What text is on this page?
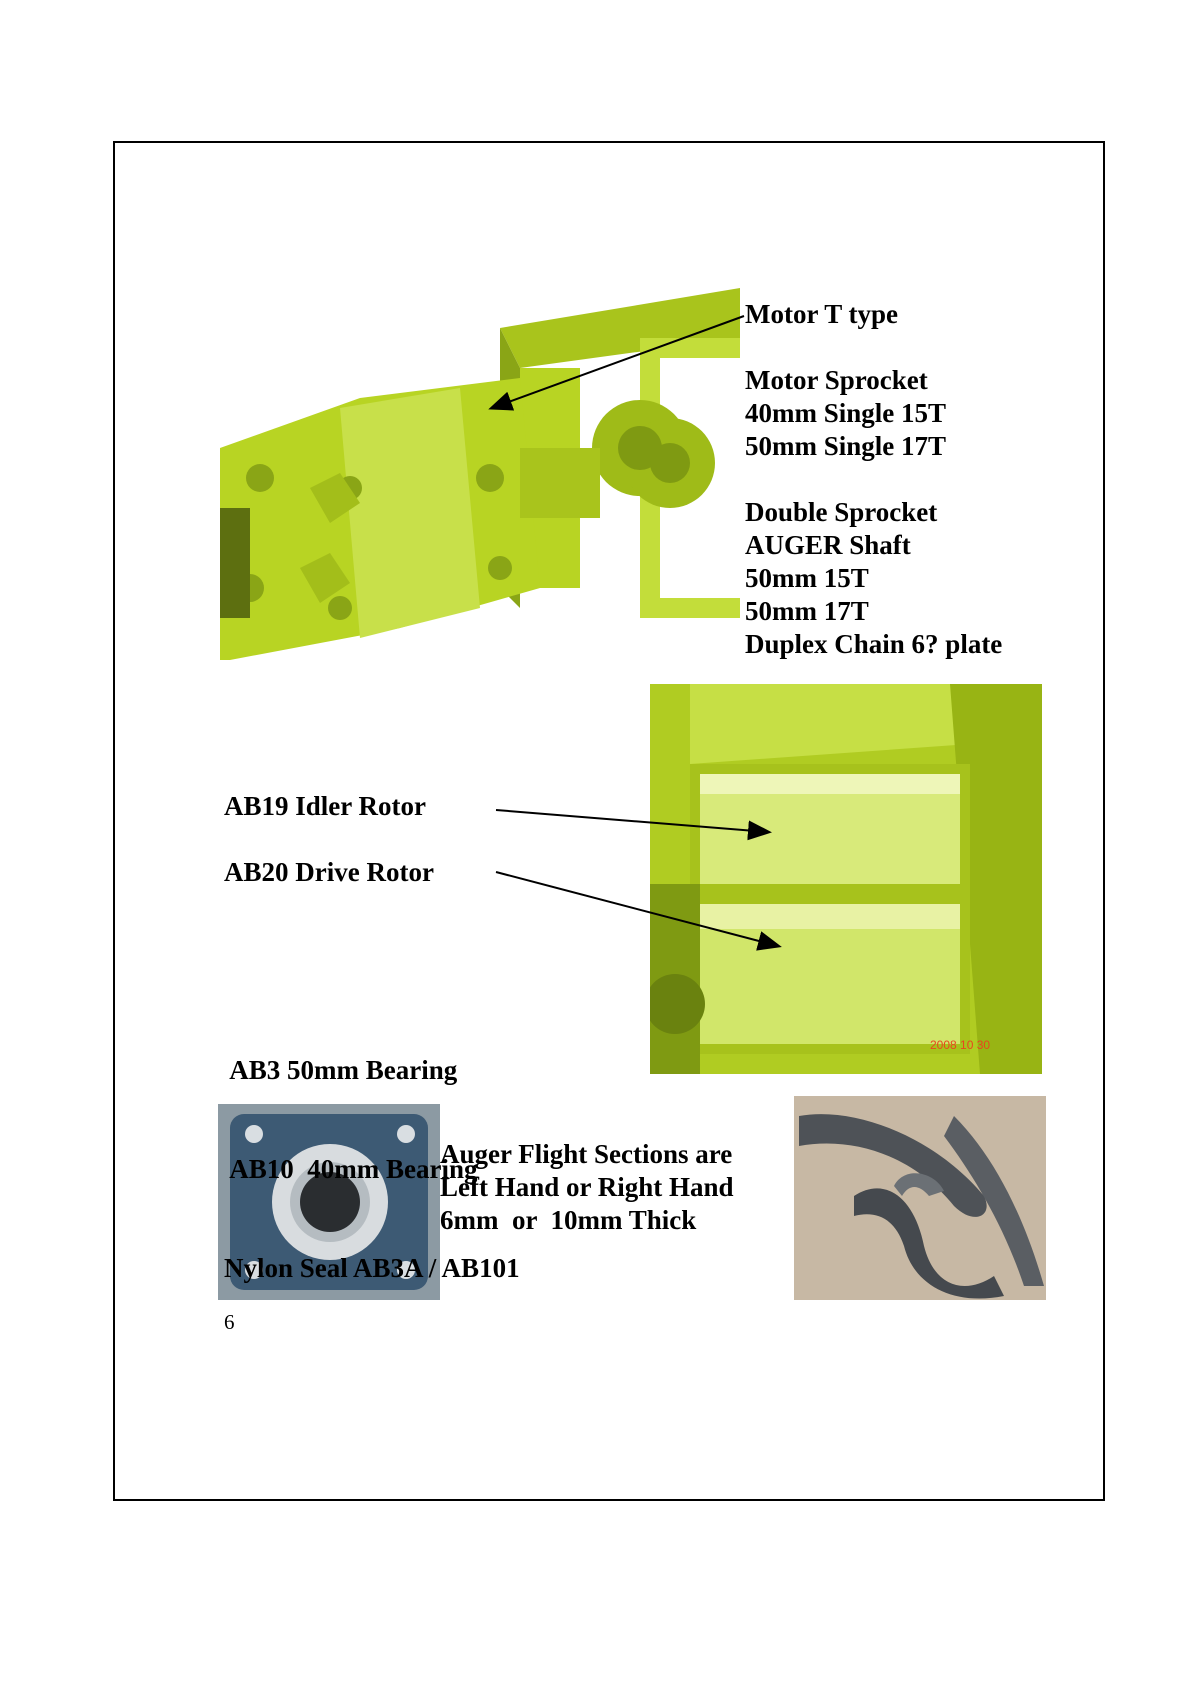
2008 10 30
Motor T type
Motor Sprocket
40mm Single 15T
50mm Single 17T
Double Sprocket
AUGER Shaft
50mm 15T
50mm 17T
Duplex Chain 6? plate
AB19 Idler Rotor
AB20 Drive Rotor

AB3 50mm Bearing

AB10  40mm Bearing

Nylon Seal AB3A / AB101

Auger Flight Sections are
Left Hand or Right Hand
6mm  or  10mm Thick
6
